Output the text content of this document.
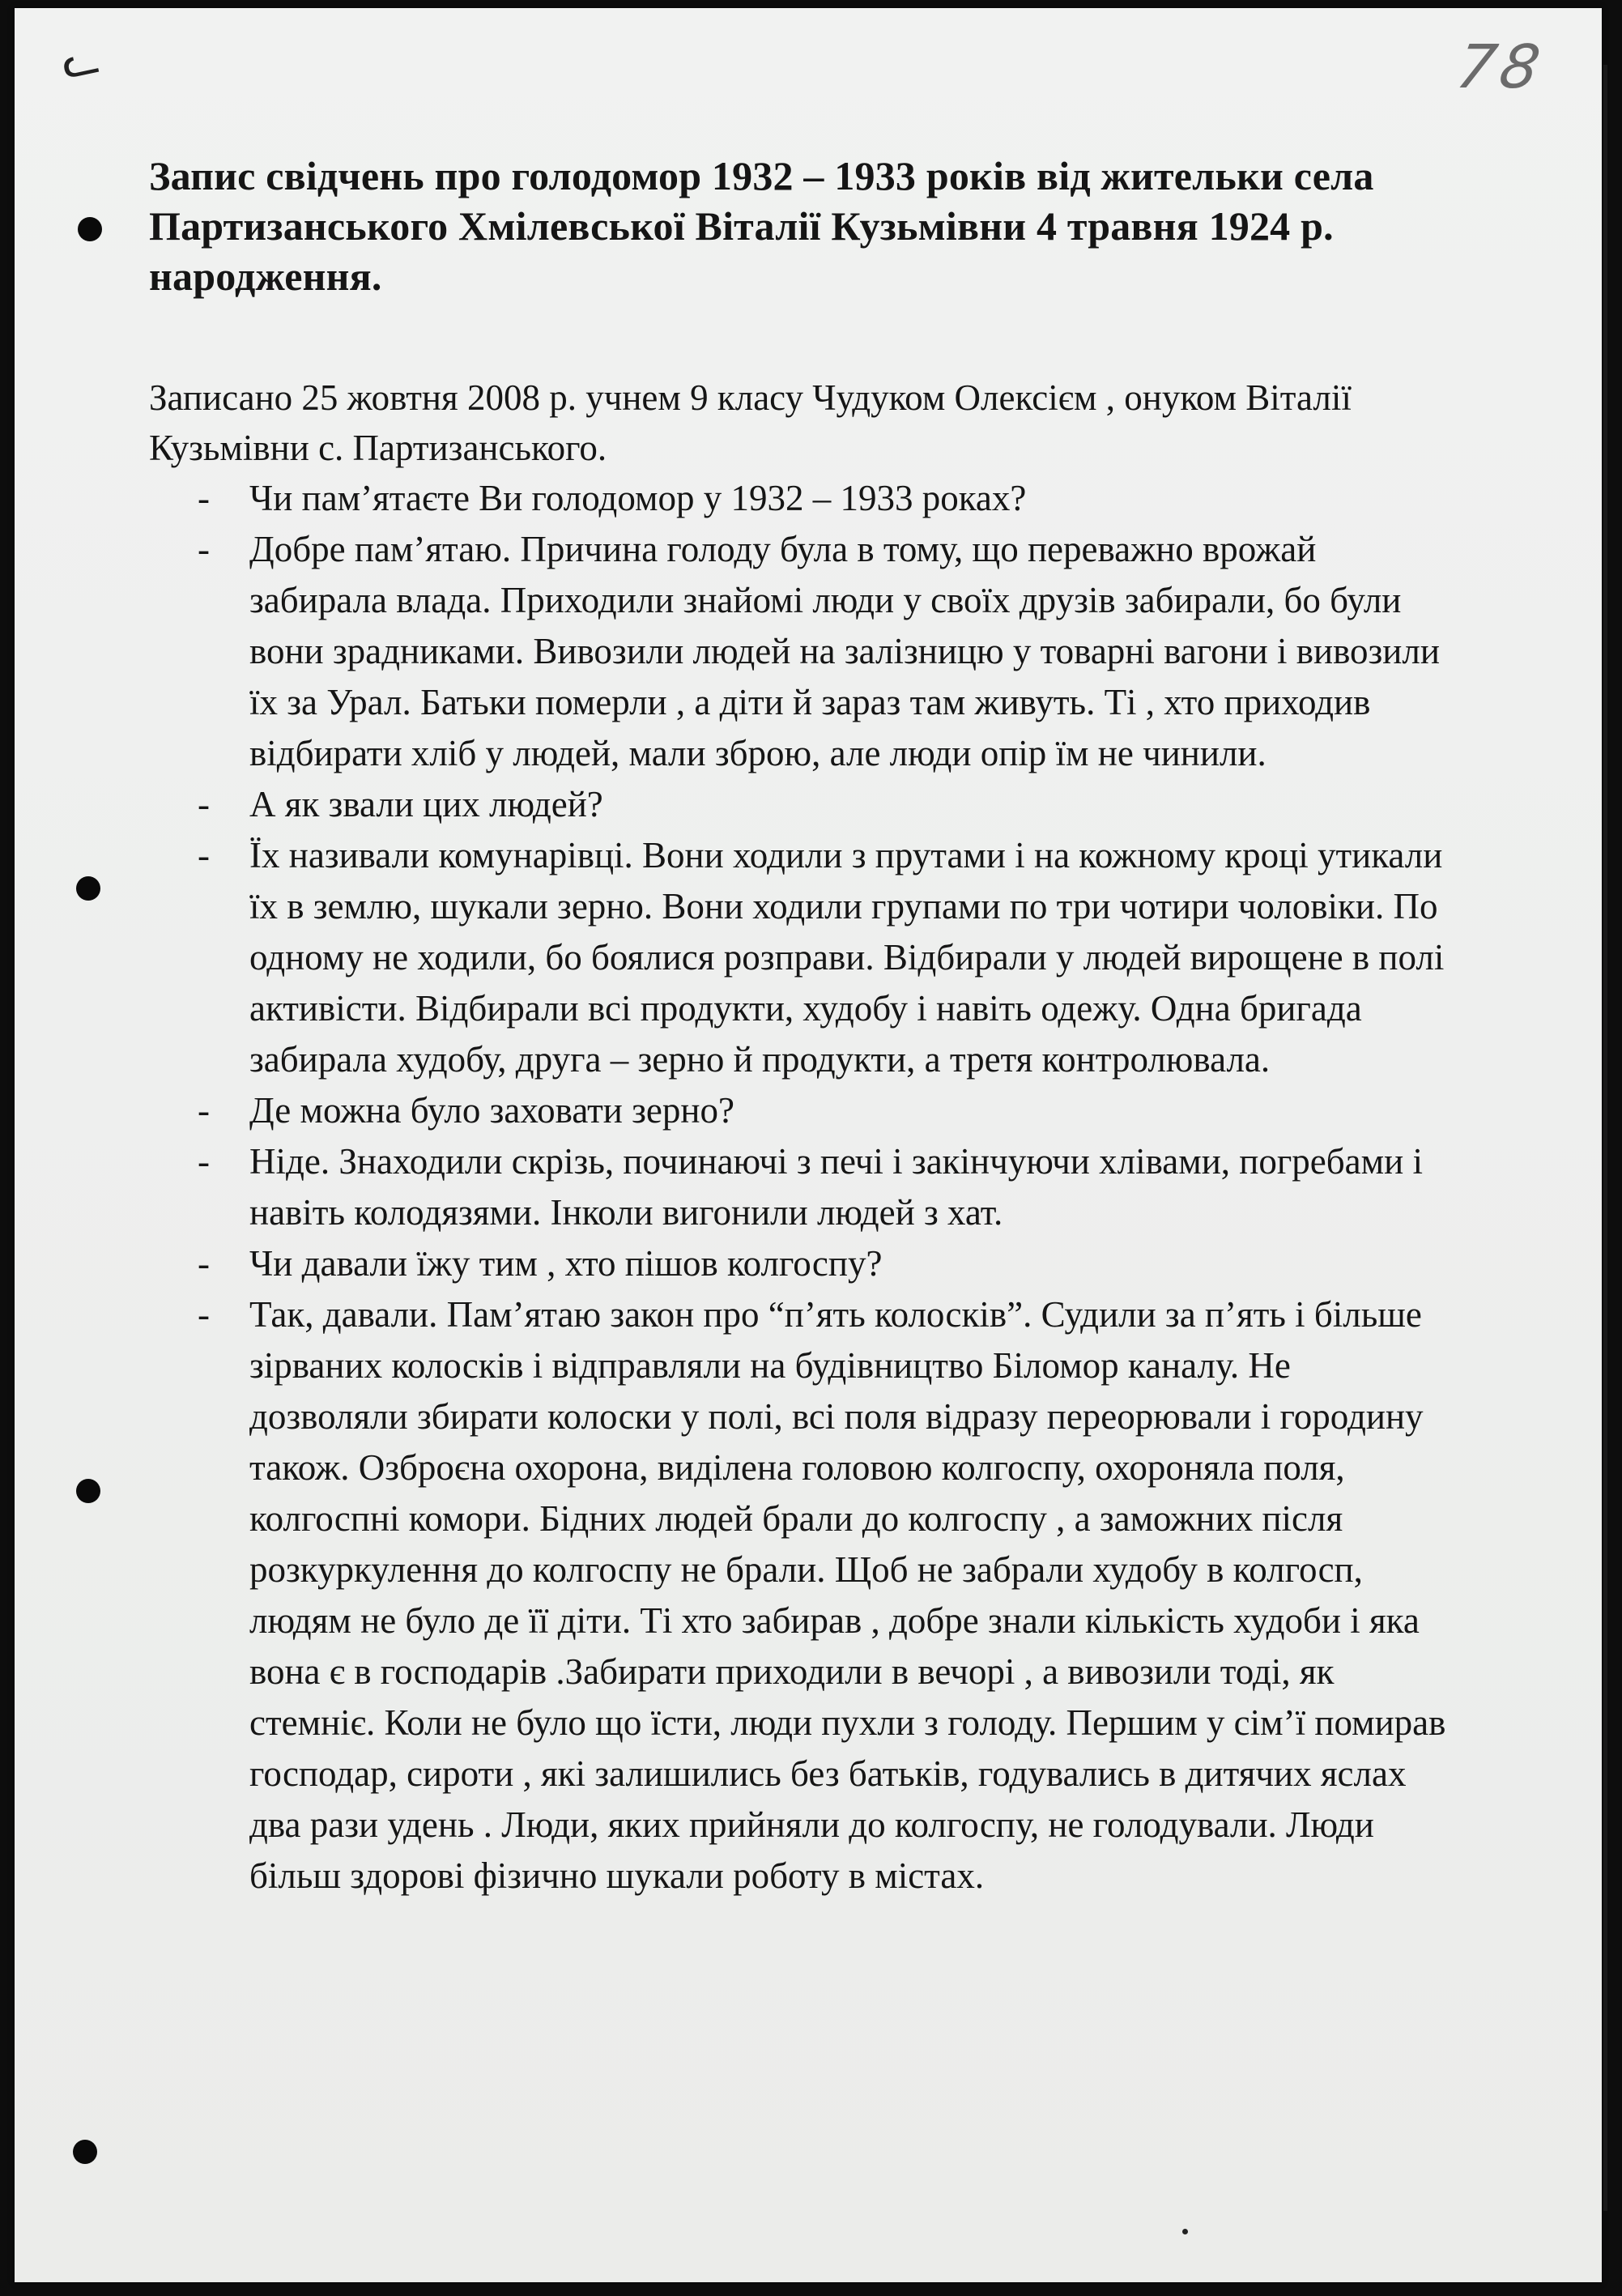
ᓚ	78
Запис свідчень про голодомор 1932 – 1933 років від жительки села Партизанського Хмілевської Віталії Кузьмівни 4 травня 1924 р. народження.

Записано 25 жовтня 2008 р. учнем 9 класу Чудуком Олексієм , онуком Віталії Кузьмівни с. Партизанського.

- Чи пам’ятаєте Ви голодомор у 1932 – 1933 роках?
- Добре пам’ятаю. Причина голоду була в тому, що переважно врожай забирала влада. Приходили знайомі люди у своїх друзів забирали, бо були вони зрадниками. Вивозили людей на залізницю у товарні вагони і вивозили їх за Урал. Батьки померли , а діти й зараз там живуть. Ті , хто приходив відбирати хліб у людей, мали зброю, але люди опір їм не чинили.
- А як звали цих людей?
- Їх називали комунарівці. Вони ходили з прутами і на кожному кроці утикали їх в землю, шукали зерно. Вони ходили групами по три чотири чоловіки. По одному не ходили, бо боялися розправи. Відбирали у людей вирощене в полі активісти. Відбирали всі продукти, худобу і навіть одежу. Одна бригада забирала худобу, друга – зерно й продукти, а третя контролювала.
- Де можна було заховати зерно?
- Ніде. Знаходили скрізь, починаючі з печі і закінчуючи хлівами, погребами і навіть колодязями. Інколи вигонили людей з хат.
- Чи давали їжу тим , хто пішов колгоспу?
- Так, давали. Пам’ятаю закон про “п’ять колосків”. Судили за п’ять і більше зірваних колосків і відправляли на будівництво Біломор каналу. Не дозволяли збирати колоски у полі, всі поля відразу переорювали і городину також. Озброєна охорона, виділена головою колгоспу, охороняла поля, колгоспні комори. Бідних людей брали до колгоспу , а заможних після розкуркулення до колгоспу не брали. Щоб не забрали худобу в колгосп, людям не було де її діти. Ті хто забирав , добре знали кількість худоби і яка вона є в господарів .Забирати приходили в вечорі , а вивозили тоді, як стемніє. Коли не було що їсти, люди пухли з голоду. Першим у сім’ї помирав господар, сироти , які залишились без батьків, годувались в дитячих яслах два рази удень . Люди, яких прийняли до колгоспу, не голодували. Люди більш здорові фізично шукали роботу в містах.
